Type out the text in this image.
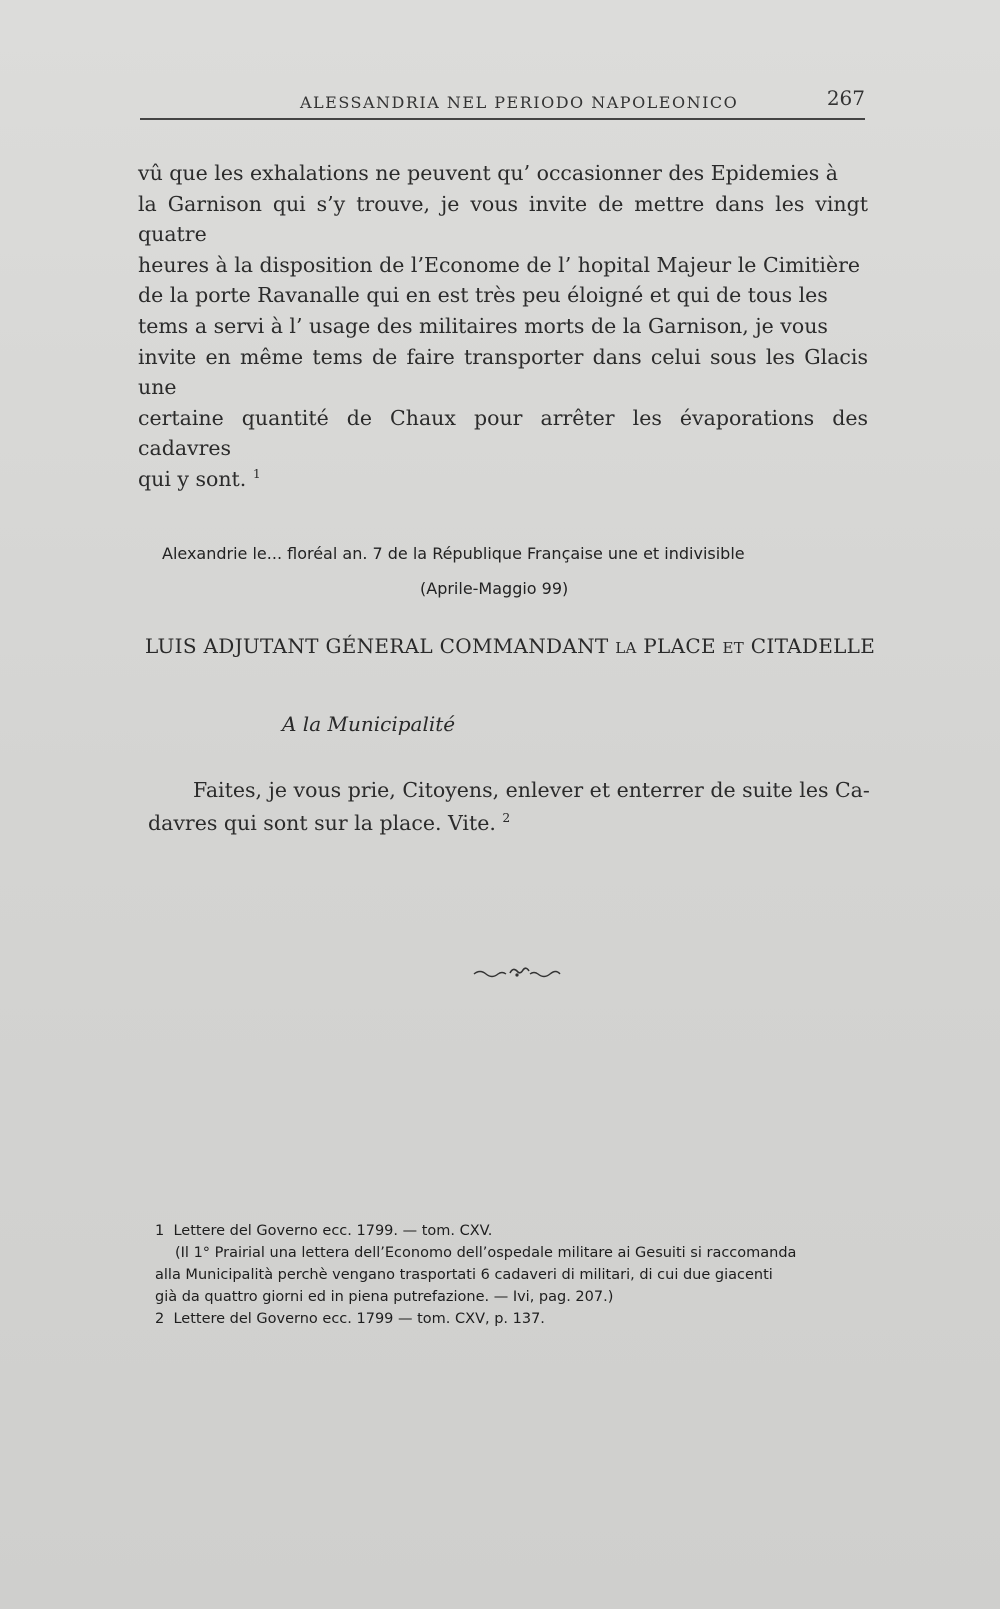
ALESSANDRIA NEL PERIODO NAPOLEONICO	267
vû que les exhalations ne peuvent qu’ occasionner des Epidemies à
la Garnison qui s’y trouve, je vous invite de mettre dans les vingt quatre
heures à la disposition de l’Econome de l’ hopital Majeur le Cimitière
de la porte Ravanalle qui en est très peu éloigné et qui de tous les
tems a servi à l’ usage des militaires morts de la Garnison, je vous
invite en même tems de faire transporter dans celui sous les Glacis une
certaine quantité de Chaux pour arrêter les évaporations des cadavres
qui y sont. $^1$
Alexandrie le... floréal an. 7 de la République Française une et indivisible
(Aprile-Maggio 99)
LUIS ADJUTANT GÉNERAL COMMANDANT LA PLACE ET CITADELLE
A la Municipalité
Faites, je vous prie, Citoyens, enlever et enterrer de suite les Ca-
davres qui sont sur la place. Vite. $^2$
1 Lettere del Governo ecc. 1799. — tom. CXV.
(Il 1° Prairial una lettera dell’Economo dell’ospedale militare ai Gesuiti si raccomanda
alla Municipalità perchè vengano trasportati 6 cadaveri di militari, di cui due giacenti
già da quattro giorni ed in piena putrefazione. — Ivi, pag. 207.)
2 Lettere del Governo ecc. 1799 — tom. CXV, p. 137.
